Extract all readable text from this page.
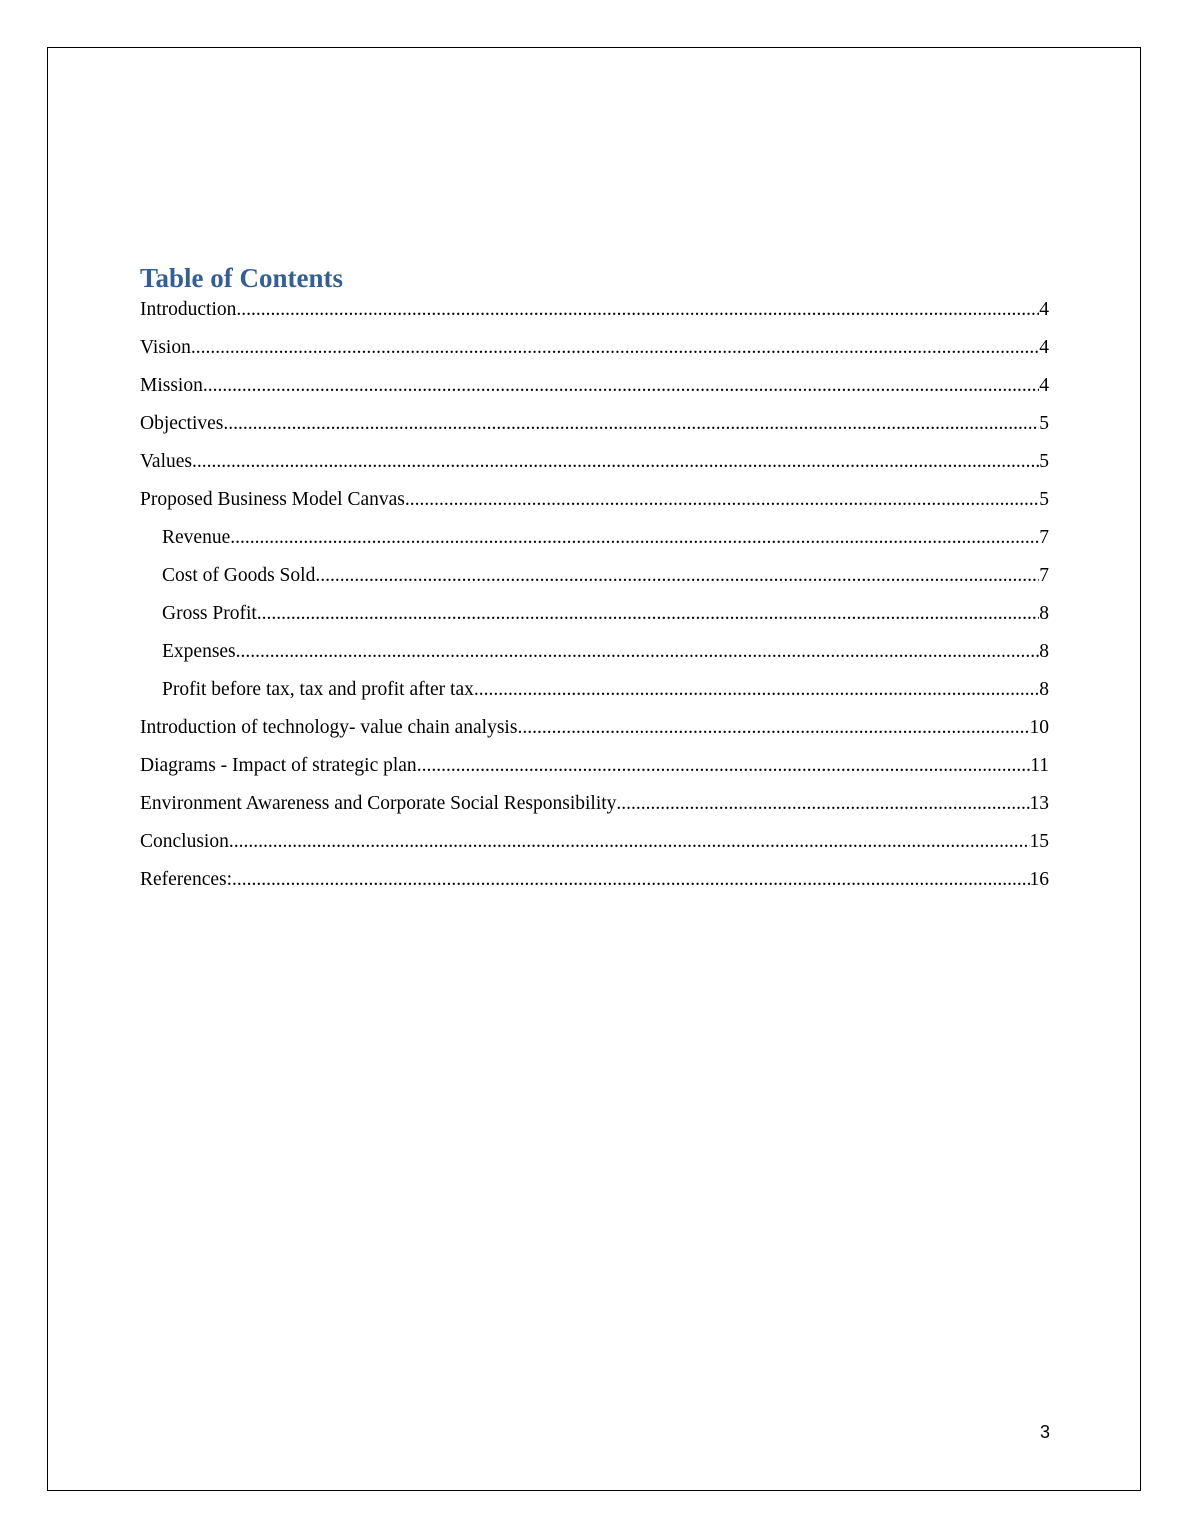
Table of Contents
Introduction .....	4
Vision .....	4
Mission .....	4
Objectives .....	5
Values .....	5
Proposed Business Model Canvas .....	5
Revenue .....	7
Cost of Goods Sold .....	7
Gross Profit .....	8
Expenses .....	8
Profit before tax, tax and profit after tax .....	8
Introduction of technology- value chain analysis .....	10
Diagrams - Impact of strategic plan .....	11
Environment Awareness and Corporate Social Responsibility .....	13
Conclusion .....	15
References: .....	16
3
